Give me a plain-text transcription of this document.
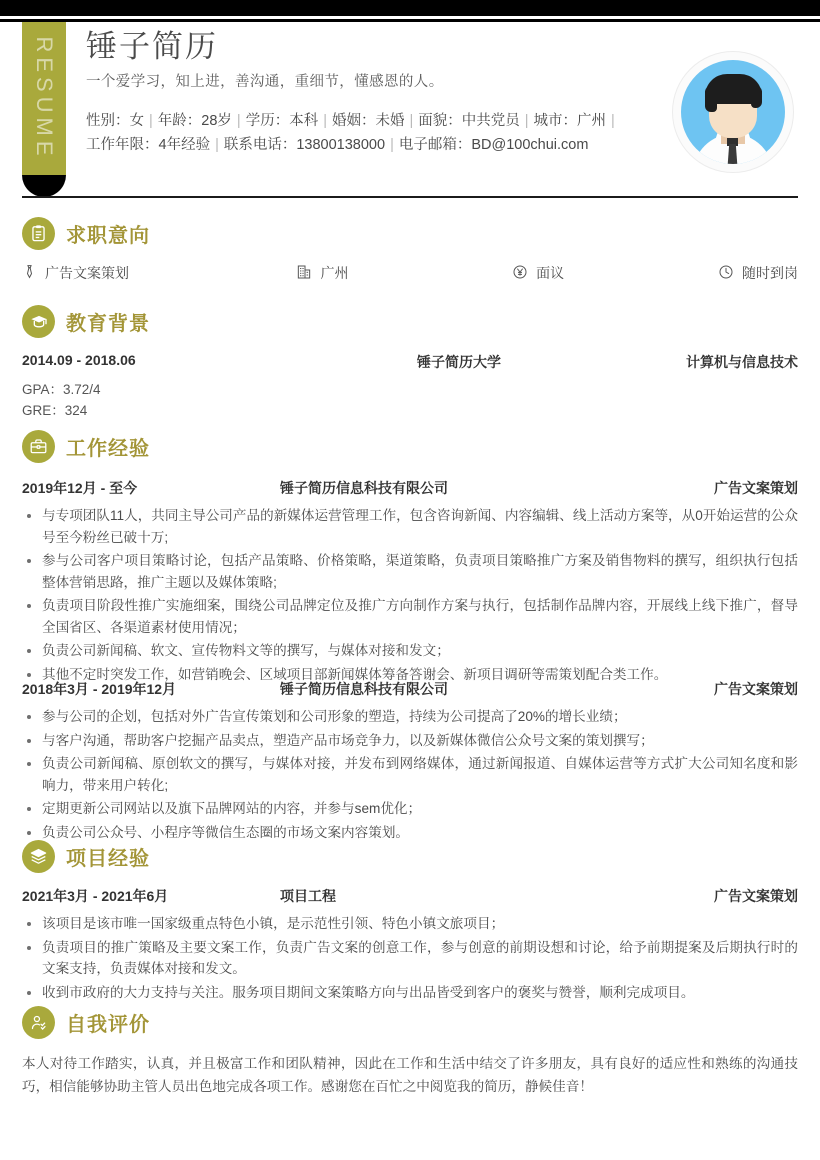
RESUME 锤子简历
一个爱学习，知上进，善沟通，重细节，懂感恩的人。
性别：女 | 年龄：28岁 | 学历：本科 | 婚姻：未婚 | 面貌：中共党员 | 城市：广州 |
工作年限：4年经验 | 联系电话：13800138000 | 电子邮箱：BD@100chui.com
求职意向
广告文案策划	广州	面议	随时到岗
教育背景
2014.09 - 2018.06	锤子简历大学	计算机与信息技术
GPA：3.72/4
GRE：324
工作经验
2019年12月 - 至今	锤子简历信息科技有限公司	广告文案策划
与专项团队11人，共同主导公司产品的新媒体运营管理工作，包含咨询新闻、内容编辑、线上活动方案等，从0开始运营的公众号至今粉丝已破十万;
参与公司客户项目策略讨论，包括产品策略、价格策略，渠道策略，负责项目策略推广方案及销售物料的撰写，组织执行包括整体营销思路，推广主题以及媒体策略;
负责项目阶段性推广实施细案，围绕公司品牌定位及推广方向制作方案与执行，包括制作品牌内容，开展线上线下推广，督导全国省区、各渠道素材使用情况；
负责公司新闻稿、软文、宣传物料文等的撰写，与媒体对接和发文；
其他不定时突发工作，如营销晚会、区域项目部新闻媒体筹备答谢会、新项目调研等需策划配合类工作。
2018年3月 - 2019年12月	锤子简历信息科技有限公司	广告文案策划
参与公司的企划，包括对外广告宣传策划和公司形象的塑造，持续为公司提高了20%的增长业绩；
与客户沟通，帮助客户挖掘产品卖点，塑造产品市场竞争力，以及新媒体微信公众号文案的策划撰写；
负责公司新闻稿、原创软文的撰写，与媒体对接，并发布到网络媒体，通过新闻报道、自媒体运营等方式扩大公司知名度和影响力，带来用户转化;
定期更新公司网站以及旗下品牌网站的内容，并参与sem优化；
负责公司公众号、小程序等微信生态圈的市场文案内容策划。
项目经验
2021年3月 - 2021年6月	项目工程	广告文案策划
该项目是该市唯一国家级重点特色小镇，是示范性引领、特色小镇文旅项目；
负责项目的推广策略及主要文案工作，负责广告文案的创意工作，参与创意的前期设想和讨论，给予前期提案及后期执行时的文案支持，负责媒体对接和发文。
收到市政府的大力支持与关注。服务项目期间文案策略方向与出品皆受到客户的褒奖与赞誉，顺利完成项目。
自我评价
本人对待工作踏实，认真，并且极富工作和团队精神，因此在工作和生活中结交了许多朋友，具有良好的适应性和熟练的沟通技巧，相信能够协助主管人员出色地完成各项工作。感谢您在百忙之中阅览我的简历，静候佳音！
